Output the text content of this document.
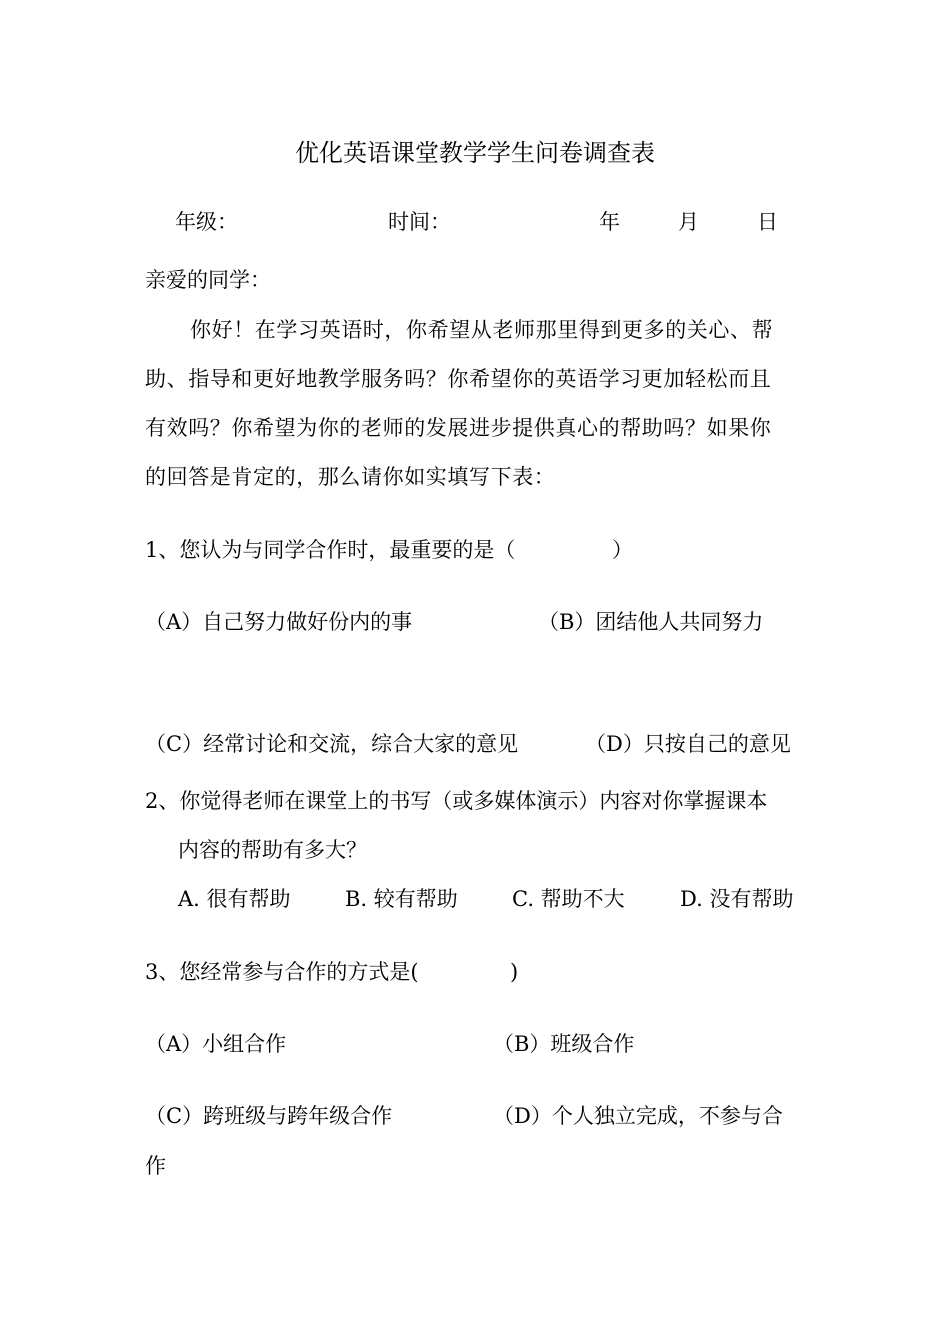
优化英语课堂教学学生问卷调查表
年级：	时间：	年	月	日
亲爱的同学：
你好！在学习英语时，你希望从老师那里得到更多的关心、帮
助、指导和更好地教学服务吗？你希望你的英语学习更加轻松而且
有效吗？你希望为你的老师的发展进步提供真心的帮助吗？如果你
的回答是肯定的，那么请你如实填写下表：
1、您认为与同学合作时，最重要的是（	）
（A）自己努力做好份内的事	（B）团结他人共同努力
（C）经常讨论和交流，综合大家的意见	（D）只按自己的意见
2、你觉得老师在课堂上的书写（或多媒体演示）内容对你掌握课本
内容的帮助有多大？
A. 很有帮助	B. 较有帮助	C. 帮助不大	D. 没有帮助
3、您经常参与合作的方式是(	)
（A）小组合作	（B）班级合作
（C）跨班级与跨年级合作	（D）个人独立完成，不参与合
作
